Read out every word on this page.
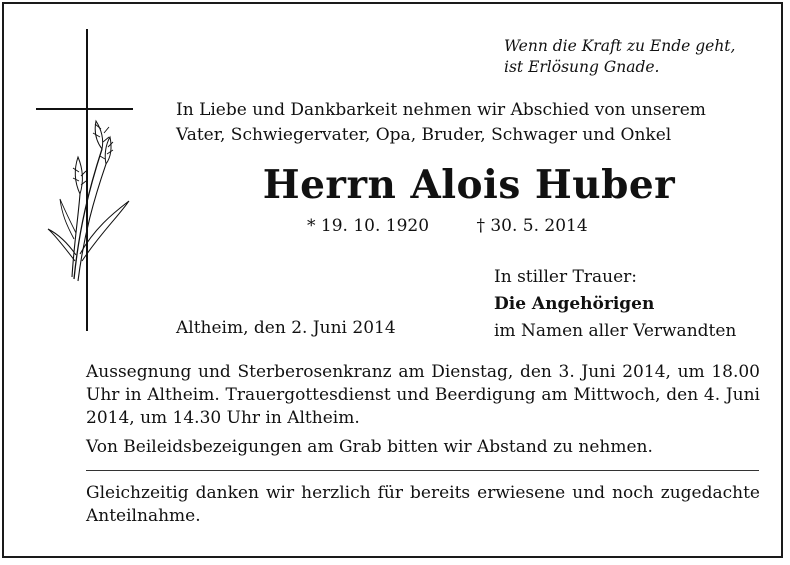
Wenn die Kraft zu Ende geht,
ist Erlösung Gnade.
In Liebe und Dankbarkeit nehmen wir Abschied von unserem
Vater, Schwiegervater, Opa, Bruder, Schwager und Onkel
Herrn Alois Huber
* 19. 10. 1920	† 30. 5. 2014
In stiller Trauer:
Die Angehörigen
im Namen aller Verwandten
Altheim, den 2. Juni 2014
Aussegnung und Sterberosenkranz am Dienstag, den 3. Juni 2014, um 18.00 Uhr in Altheim. Trauergottesdienst und Beerdigung am Mittwoch, den 4. Juni 2014, um 14.30 Uhr in Altheim.
Von Beileidsbezeigungen am Grab bitten wir Abstand zu nehmen.
Gleichzeitig danken wir herzlich für bereits erwiesene und noch zugedachte Anteilnahme.
